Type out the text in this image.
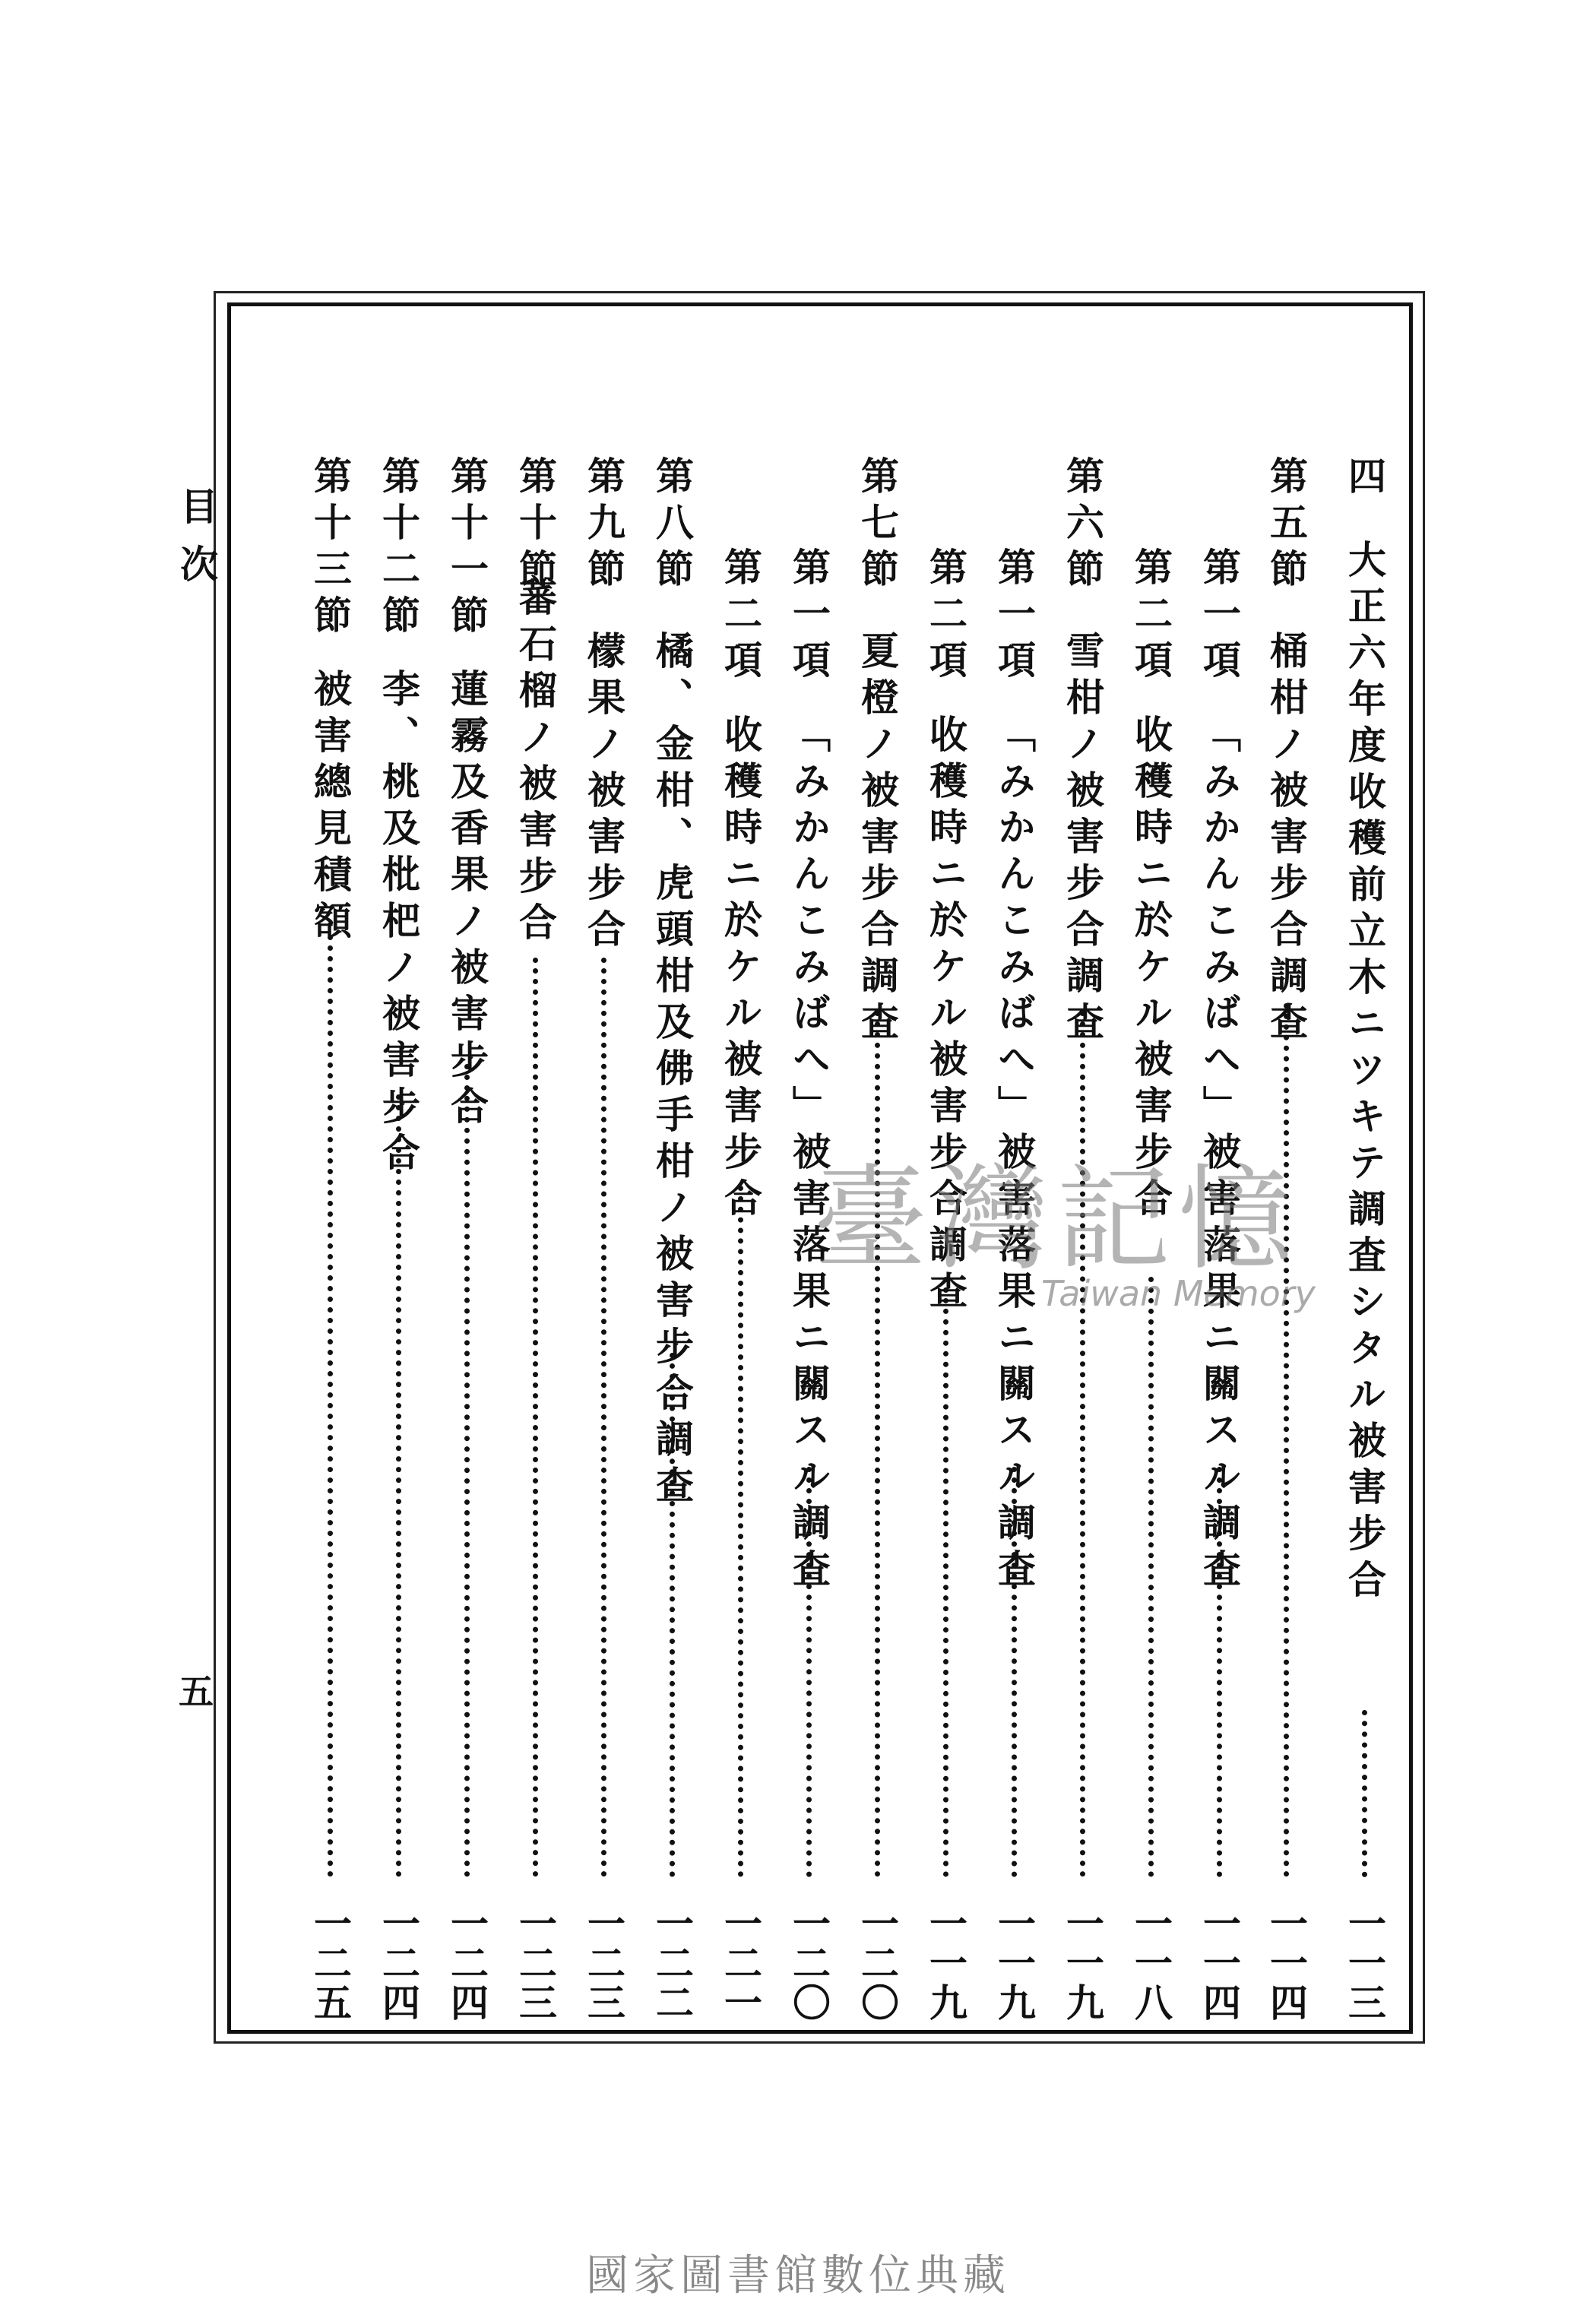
目次
五
四
大正六年度收穫前立木ニツキテ調査シタル被害步合
一一三
第五節
桶柑ノ被害步合調查
一一四
第一項
「みかんこみばへ」被害落果ニ關スル調査
一一四
第二項
收穫時ニ於ケル被害步合
一一八
第六節
雪柑ノ被害步合調査
一一九
第一項
「みかんこみばへ」被害落果ニ關スル調査
一一九
第二項
收穫時ニ於ケル被害步合調查
一一九
第七節
夏橙ノ被害步合調査
一二〇
第一項
「みかんこみばへ」被害落果ニ關スル調査
一二〇
第二項
收穫時ニ於ケル被害步合
一二一
第八節
橘、金柑、虎頭柑及佛手柑ノ被害步合調查
一二二
第九節
檬果ノ被害步合
一二三
第十節
蕃石榴ノ被害步合
一二三
第十一節
蓮霧及香果ノ被害步合
一二四
第十二節
李、桃及枇杷ノ被害步合
一二四
第十三節
被害總見積額
一二五
臺灣記憶
Taiwan Memory
國家圖書館數位典藏
